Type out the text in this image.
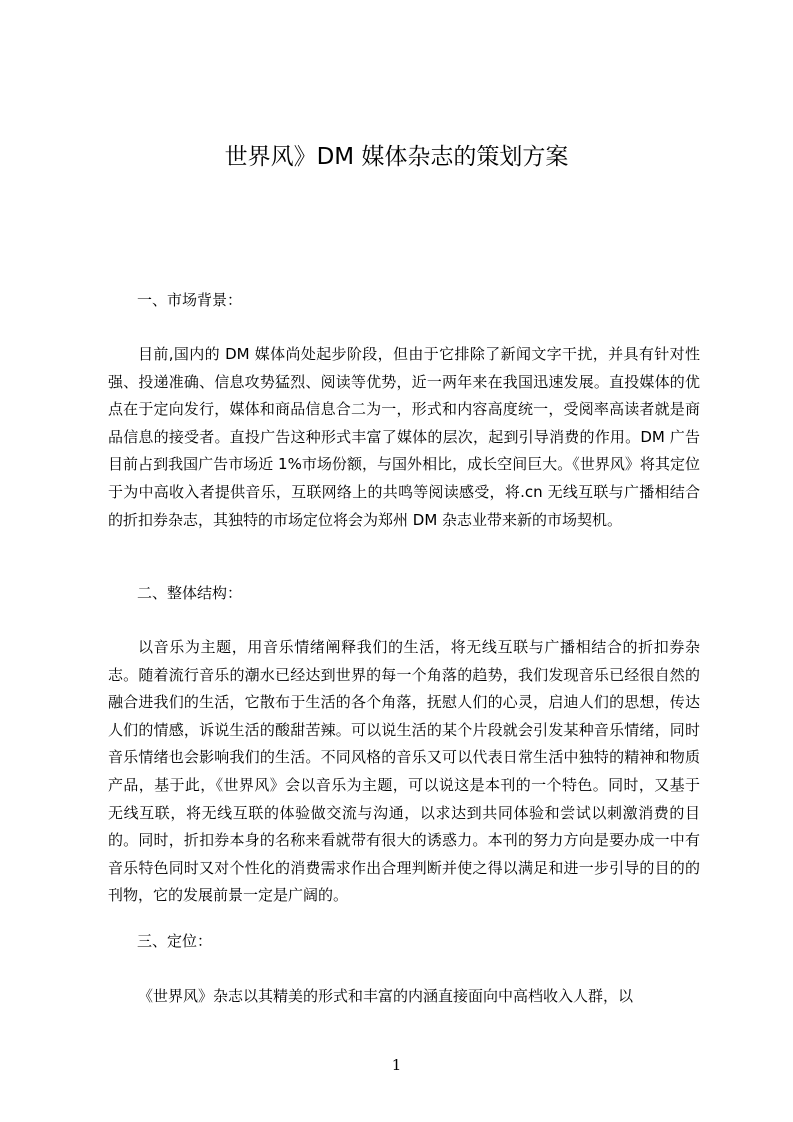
世界风》DM 媒体杂志的策划方案

一、市场背景：

目前,国内的 DM 媒体尚处起步阶段，但由于它排除了新闻文字干扰，并具有针对性强、投递准确、信息攻势猛烈、阅读等优势，近一两年来在我国迅速发展。直投媒体的优点在于定向发行，媒体和商品信息合二为一，形式和内容高度统一，受阅率高读者就是商品信息的接受者。直投广告这种形式丰富了媒体的层次，起到引导消费的作用。DM 广告目前占到我国广告市场近 1%市场份额，与国外相比，成长空间巨大。《世界风》将其定位于为中高收入者提供音乐，互联网络上的共鸣等阅读感受，将.cn 无线互联与广播相结合的折扣券杂志，其独特的市场定位将会为郑州 DM 杂志业带来新的市场契机。

二、整体结构：

以音乐为主题，用音乐情绪阐释我们的生活，将无线互联与广播相结合的折扣券杂志。随着流行音乐的潮水已经达到世界的每一个角落的趋势，我们发现音乐已经很自然的融合进我们的生活，它散布于生活的各个角落，抚慰人们的心灵，启迪人们的思想，传达人们的情感，诉说生活的酸甜苦辣。可以说生活的某个片段就会引发某种音乐情绪，同时音乐情绪也会影响我们的生活。不同风格的音乐又可以代表日常生活中独特的精神和物质产品，基于此，《世界风》会以音乐为主题，可以说这是本刊的一个特色。同时，又基于无线互联，将无线互联的体验做交流与沟通，以求达到共同体验和尝试以刺激消费的目的。同时，折扣券本身的名称来看就带有很大的诱惑力。本刊的努力方向是要办成一中有音乐特色同时又对个性化的消费需求作出合理判断并使之得以满足和进一步引导的目的的刊物，它的发展前景一定是广阔的。

三、定位：

《世界风》杂志以其精美的形式和丰富的内涵直接面向中高档收入人群，以

1
